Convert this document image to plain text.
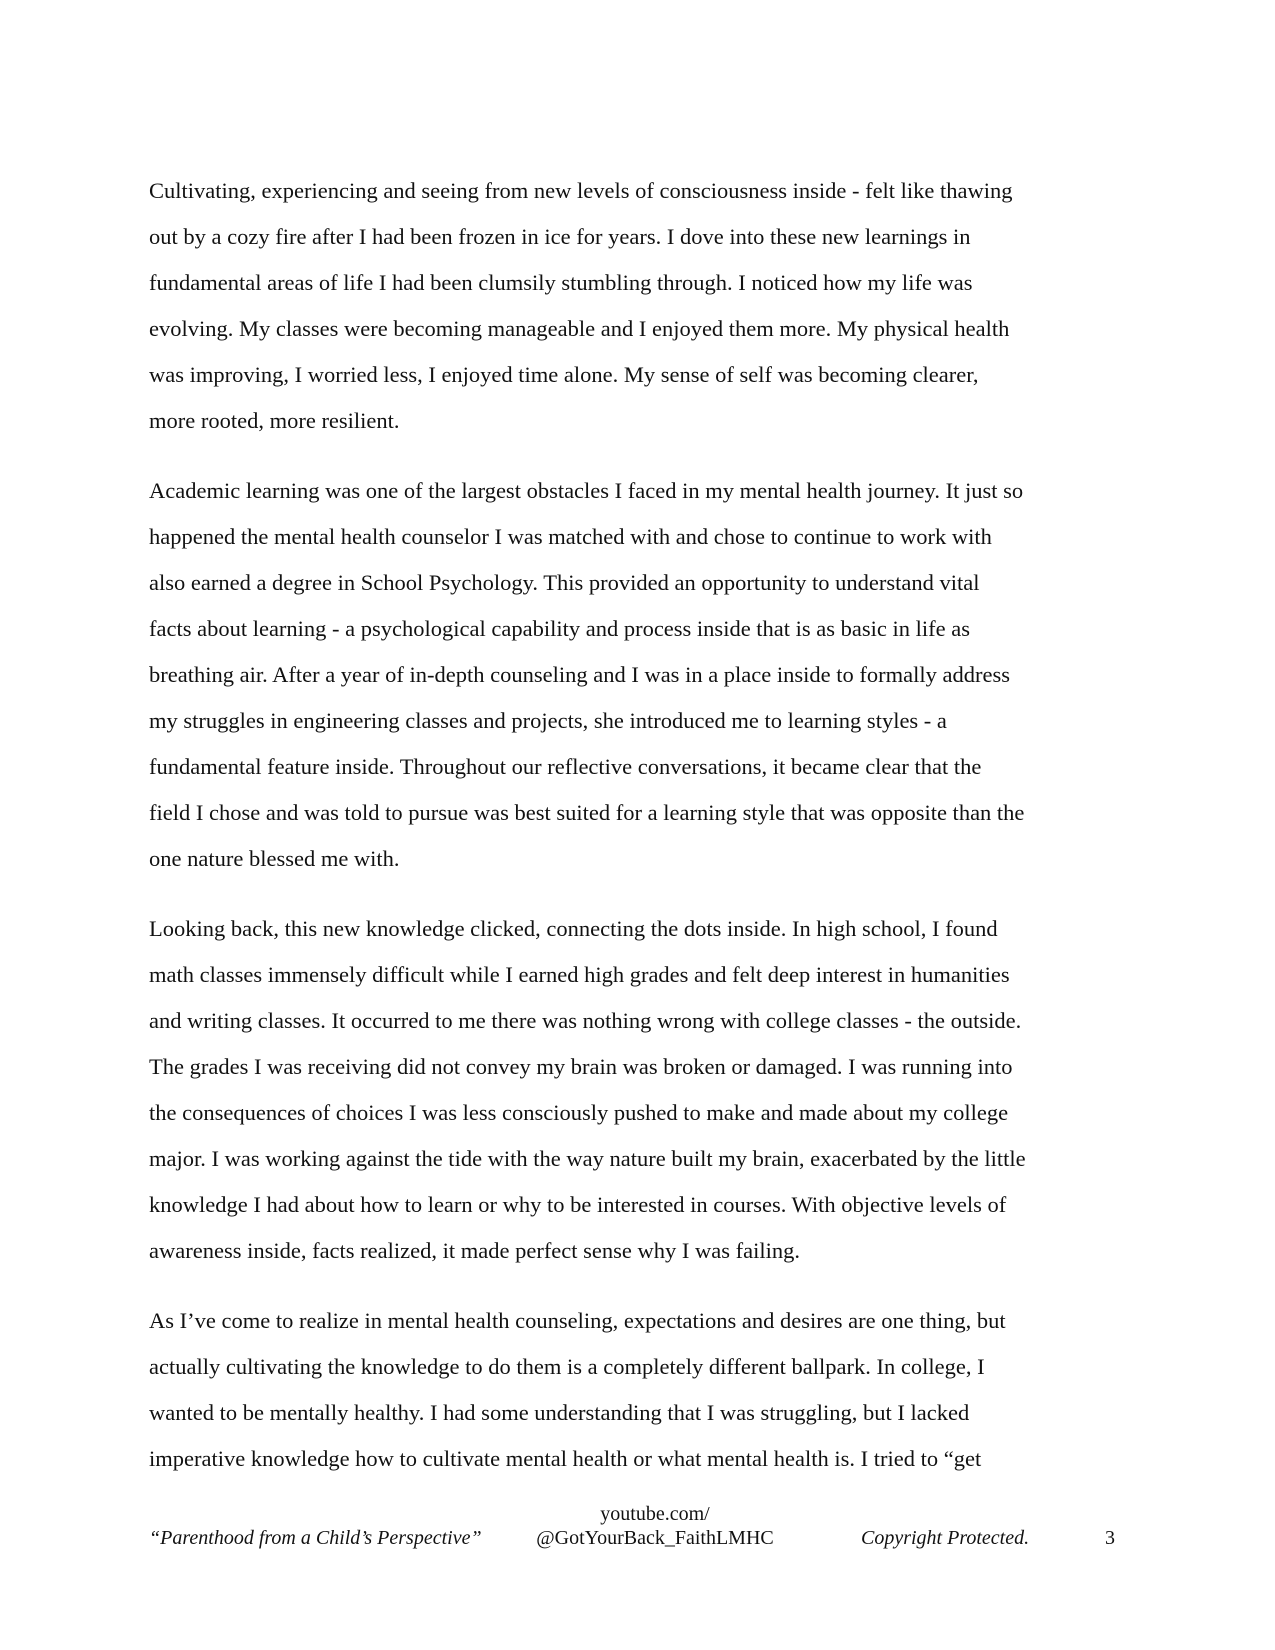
Cultivating, experiencing and seeing from new levels of consciousness inside - felt like thawing
out by a cozy fire after I had been frozen in ice for years. I dove into these new learnings in
fundamental areas of life I had been clumsily stumbling through. I noticed how my life was
evolving. My classes were becoming manageable and I enjoyed them more. My physical health
was improving, I worried less, I enjoyed time alone. My sense of self was becoming clearer,
more rooted, more resilient.

Academic learning was one of the largest obstacles I faced in my mental health journey. It just so
happened the mental health counselor I was matched with and chose to continue to work with
also earned a degree in School Psychology. This provided an opportunity to understand vital
facts about learning - a psychological capability and process inside that is as basic in life as
breathing air. After a year of in-depth counseling and I was in a place inside to formally address
my struggles in engineering classes and projects, she introduced me to learning styles - a
fundamental feature inside. Throughout our reflective conversations, it became clear that the
field I chose and was told to pursue was best suited for a learning style that was opposite than the
one nature blessed me with.

Looking back, this new knowledge clicked, connecting the dots inside. In high school, I found
math classes immensely difficult while I earned high grades and felt deep interest in humanities
and writing classes. It occurred to me there was nothing wrong with college classes - the outside.
The grades I was receiving did not convey my brain was broken or damaged. I was running into
the consequences of choices I was less consciously pushed to make and made about my college
major. I was working against the tide with the way nature built my brain, exacerbated by the little
knowledge I had about how to learn or why to be interested in courses. With objective levels of
awareness inside, facts realized, it made perfect sense why I was failing.

As I’ve come to realize in mental health counseling, expectations and desires are one thing, but
actually cultivating the knowledge to do them is a completely different ballpark. In college, I
wanted to be mentally healthy. I had some understanding that I was struggling, but I lacked
imperative knowledge how to cultivate mental health or what mental health is. I tried to “get

“Parenthood from a Child’s Perspective”
youtube.com/
@GotYourBack_FaithLMHC	Copyright Protected.	3
